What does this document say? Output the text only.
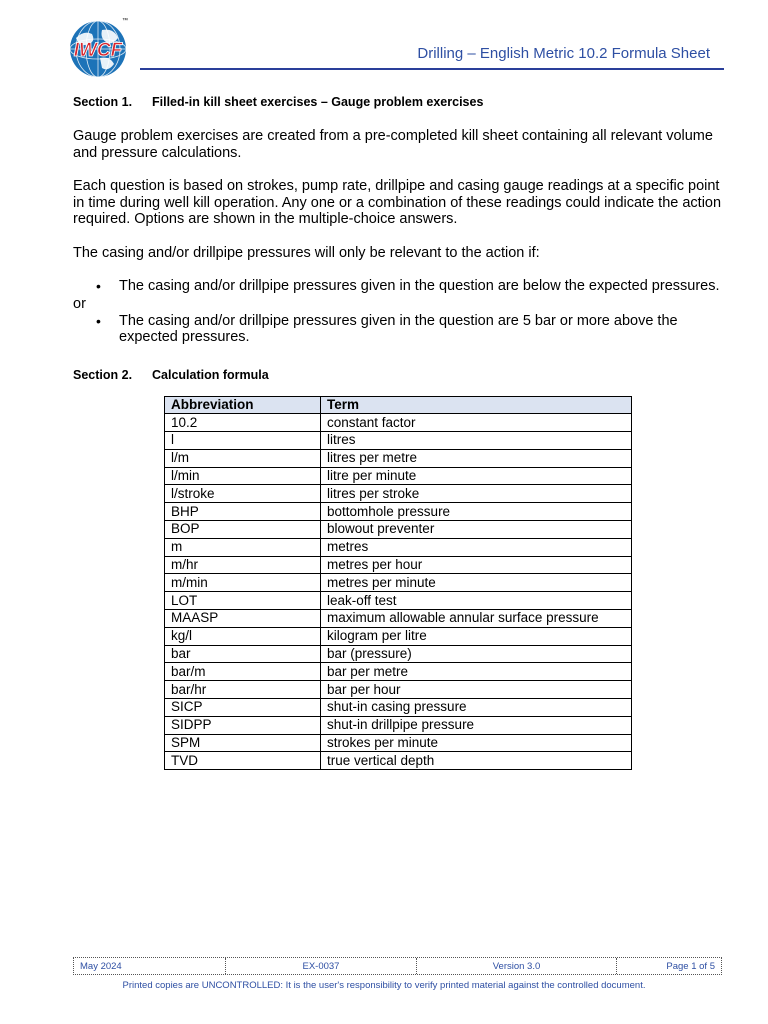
IWCF
™
Drilling – English Metric 10.2 Formula Sheet
Section 1. Filled-in kill sheet exercises – Gauge problem exercises

Gauge problem exercises are created from a pre-completed kill sheet containing all relevant volume and pressure calculations.

Each question is based on strokes, pump rate, drillpipe and casing gauge readings at a specific point in time during well kill operation. Any one or a combination of these readings could indicate the action required. Options are shown in the multiple-choice answers.

The casing and/or drillpipe pressures will only be relevant to the action if:

• The casing and/or drillpipe pressures given in the question are below the expected pressures.
or
• The casing and/or drillpipe pressures given in the question are 5 bar or more above the expected pressures.
Section 2. Calculation formula
Abbreviation	Term
10.2	constant factor
l	litres
l/m	litres per metre
l/min	litre per minute
l/stroke	litres per stroke
BHP	bottomhole pressure
BOP	blowout preventer
m	metres
m/hr	metres per hour
m/min	metres per minute
LOT	leak-off test
MAASP	maximum allowable annular surface pressure
kg/l	kilogram per litre
bar	bar (pressure)
bar/m	bar per metre
bar/hr	bar per hour
SICP	shut-in casing pressure
SIDPP	shut-in drillpipe pressure
SPM	strokes per minute
TVD	true vertical depth
May 2024	EX-0037	Version 3.0	Page 1 of 5
Printed copies are UNCONTROLLED: It is the user's responsibility to verify printed material against the controlled document.
